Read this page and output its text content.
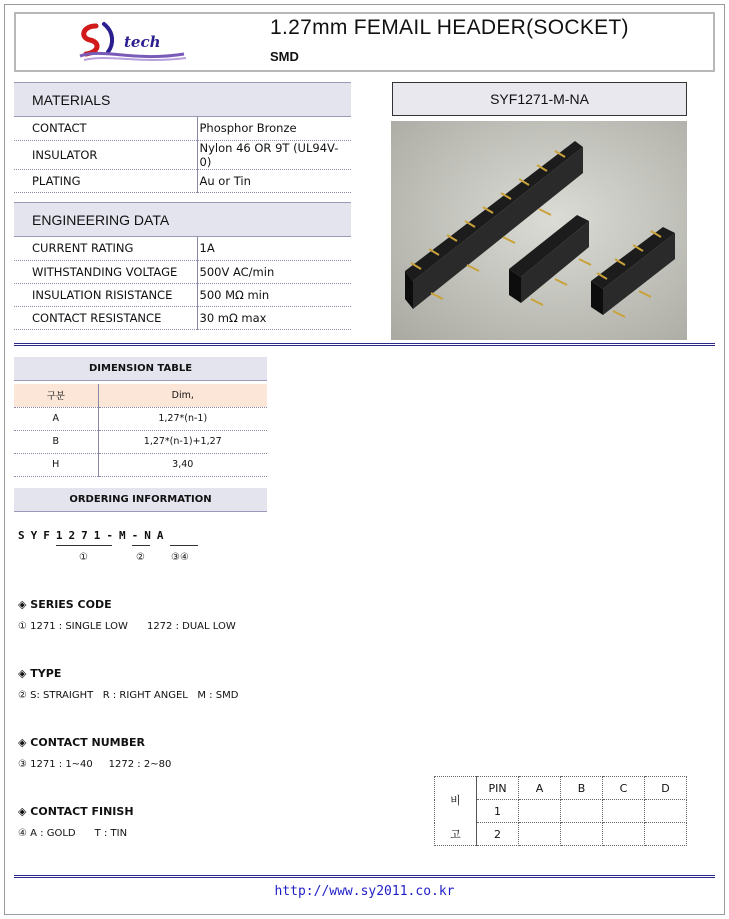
tech
1.27mm FEMAIL HEADER(SOCKET)
SMD
MATERIALS
CONTACT	Phosphor Bronze
INSULATOR	Nylon 46 OR 9T (UL94V-0)
PLATING	Au or Tin
ENGINEERING DATA
CURRENT RATING	1A
WITHSTANDING VOLTAGE	500V AC/min
INSULATION RISISTANCE	500 MΩ min
CONTACT RESISTANCE	30 mΩ max
SYF1271-M-NA
DIMENSION TABLE
구분	Dim,
A	1,27*(n-1)
B	1,27*(n-1)+1,27
H	3,40
ORDERING INFORMATION
SYF1271-M-NA
①	②	③④
◈ SERIES CODE
① 1271 : SINGLE LOW      1272 : DUAL LOW
◈ TYPE
② S: STRAIGHT   R : RIGHT ANGEL   M : SMD
◈ CONTACT NUMBER
③ 1271 : 1~40     1272 : 2~80
◈ CONTACT FINISH
④ A : GOLD      T : TIN
비	PIN	A	B	C	D
	1				
고	2				
http://www.sy2011.co.kr
